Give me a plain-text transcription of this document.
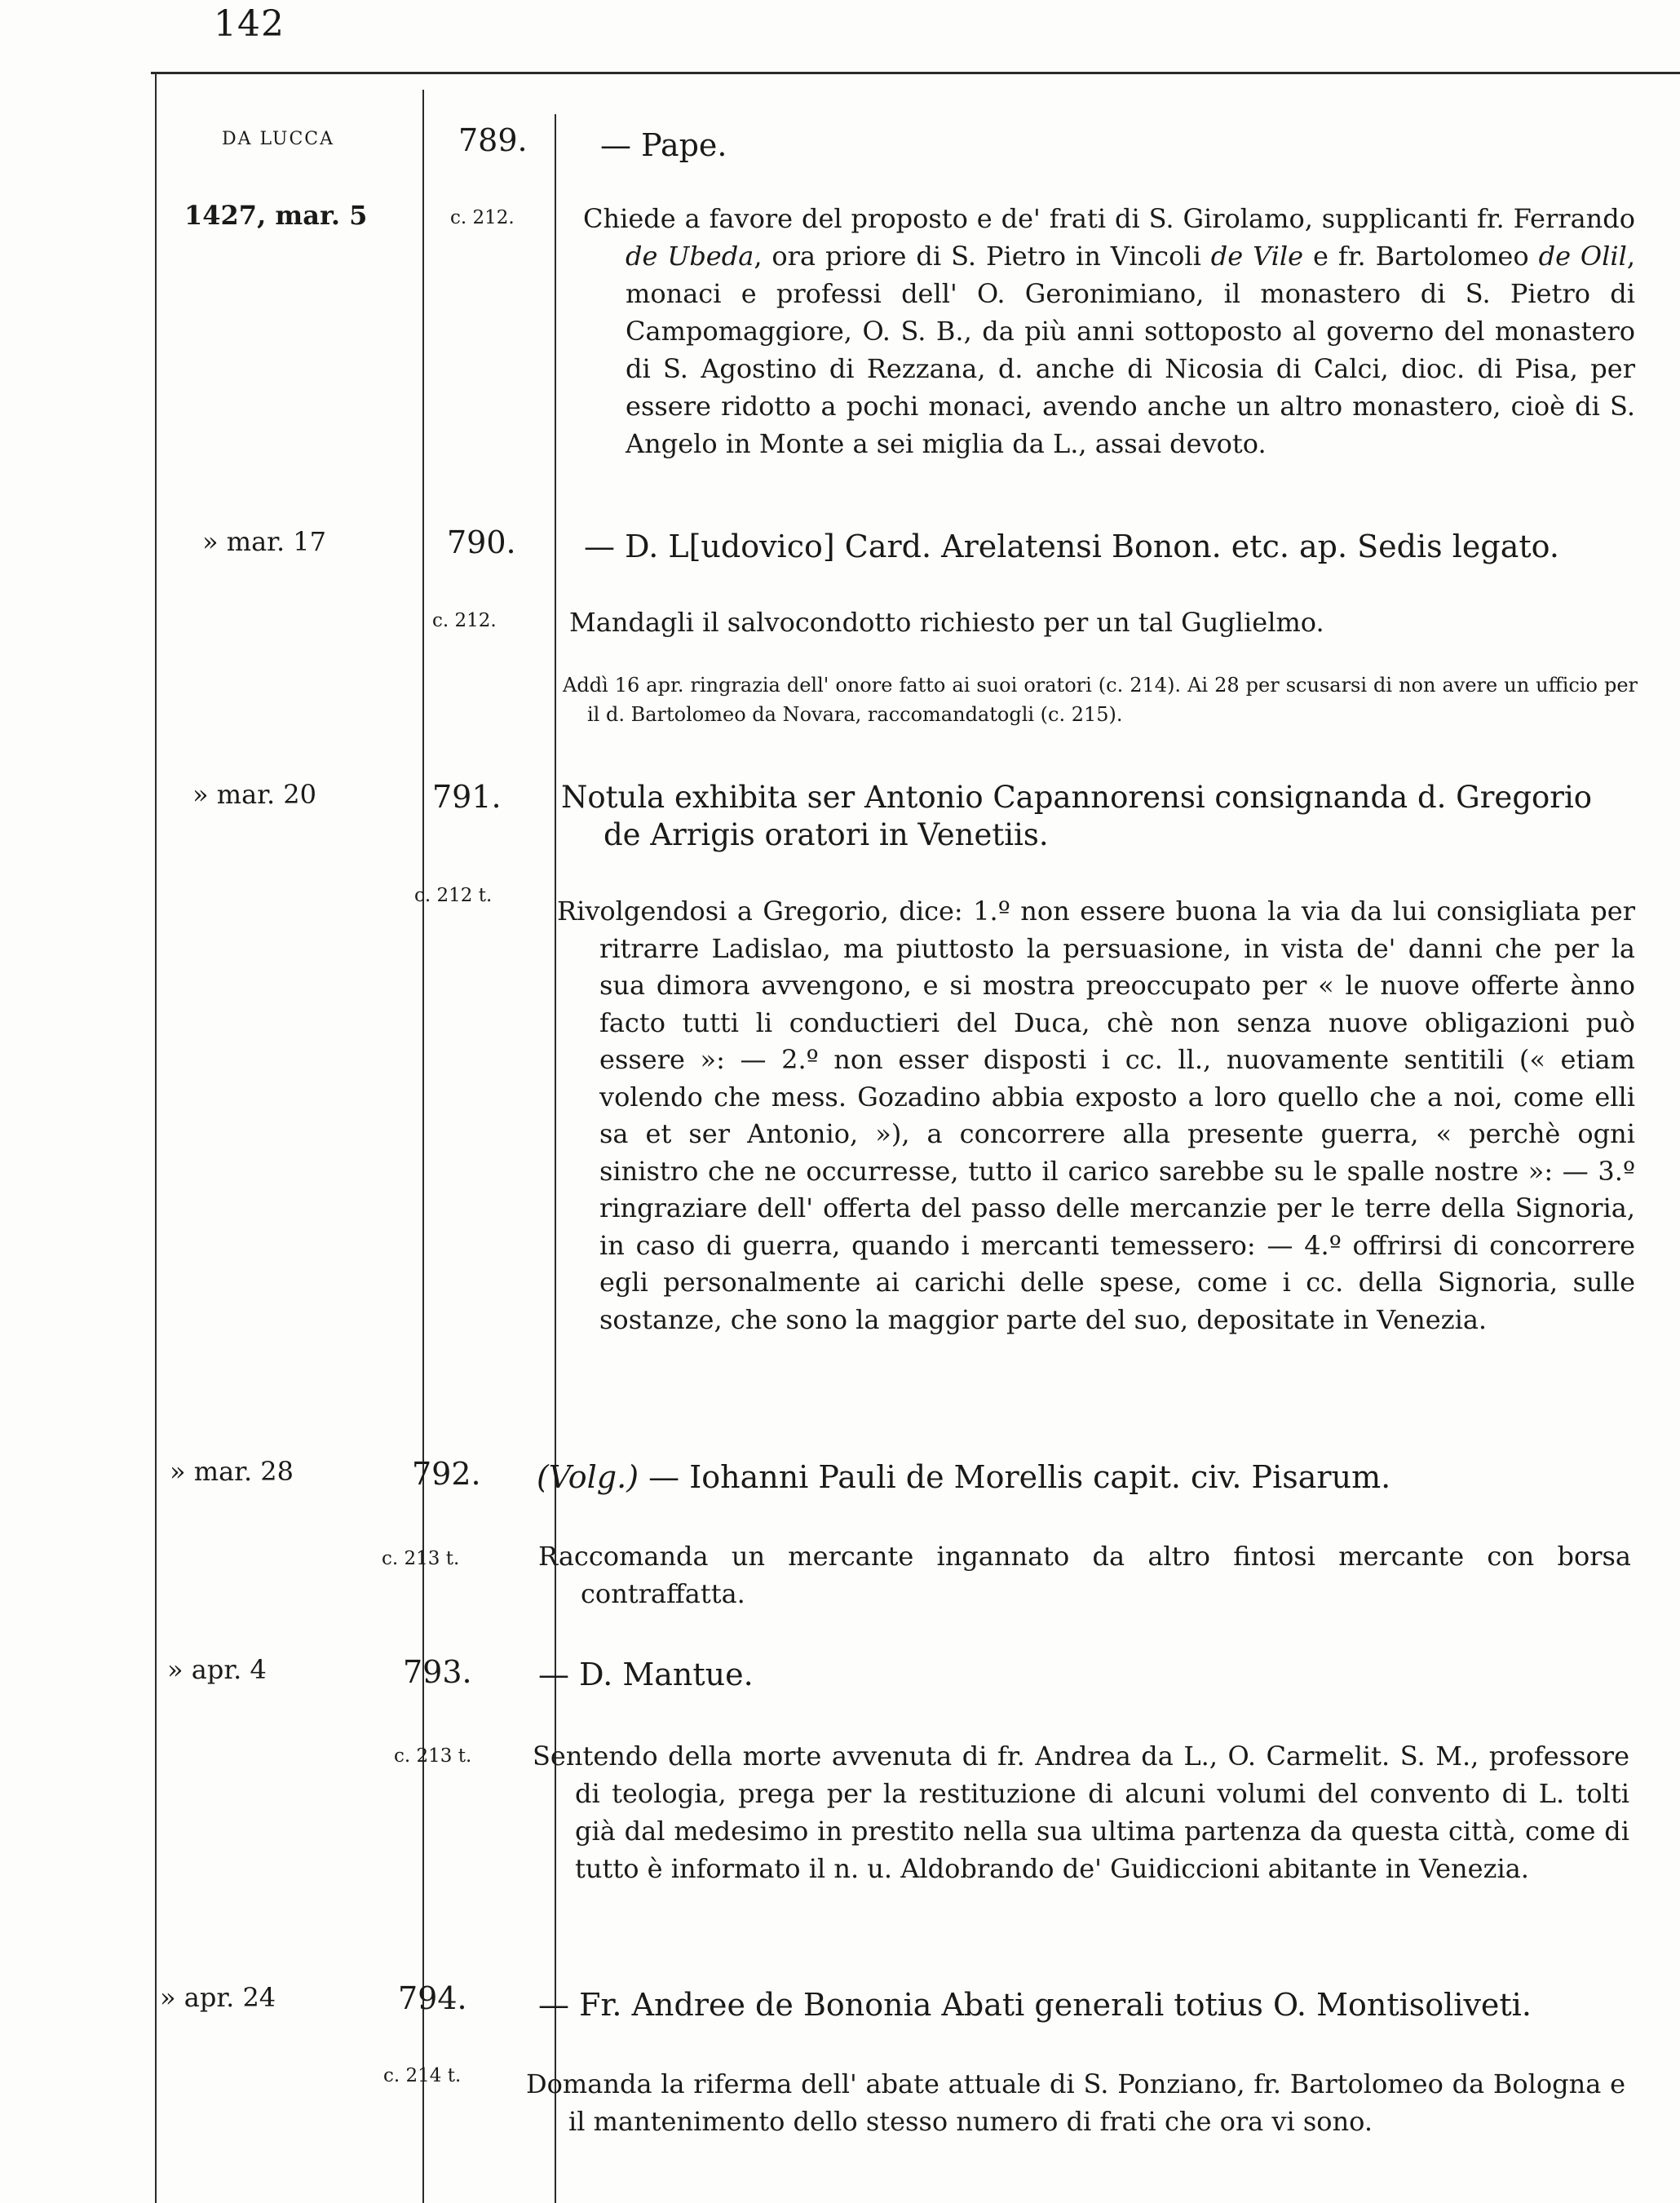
142
DA LUCCA	789. — Pape.
1427, mar. 5	c. 212.	Chiede a favore del proposto e de' frati di S. Girolamo, supplicanti fr. Ferrando de Ubeda, ora priore di S. Pietro in Vincoli de Vile e fr. Bartolomeo de Olil, monaci e professi dell' O. Geronimiano, il monastero di S. Pietro di Campomaggiore, O. S. B., da più anni sottoposto al governo del monastero di S. Agostino di Rezzana, d. anche di Nicosia di Calci, dioc. di Pisa, per essere ridotto a pochi monaci, avendo anche un altro monastero, cioè di S. Angelo in Monte a sei miglia da L., assai devoto.
» mar. 17	790. — D. L[udovico] Card. Arelatensi Bonon. etc. ap. Sedis legato.
c. 212.	Mandagli il salvocondotto richiesto per un tal Guglielmo.
Addì 16 apr. ringrazia dell' onore fatto ai suoi oratori (c. 214). Ai 28 per scusarsi di non avere un ufficio per il d. Bartolomeo da Novara, raccomandatogli (c. 215).
» mar. 20	791. Notula exhibita ser Antonio Capannorensi consignanda d. Gregorio de Arrigis oratori in Venetiis.
c. 212 t. Rivolgendosi a Gregorio, dice: 1.º non essere buona la via da lui consigliata per ritrarre Ladislao, ma piuttosto la persuasione, in vista de' danni che per la sua dimora avvengono, e si mostra preoccupato per « le nuove offerte ànno facto tutti li conductieri del Duca, chè non senza nuove obligazioni può essere »: — 2.º non esser disposti i cc. ll., nuovamente sentitili (« etiam volendo che mess. Gozadino abbia exposto a loro quello che a noi, come elli sa et ser Antonio, »), a concorrere alla presente guerra, « perchè ogni sinistro che ne occurresse, tutto il carico sarebbe su le spalle nostre »: — 3.º ringraziare dell' offerta del passo delle mercanzie per le terre della Signoria, in caso di guerra, quando i mercanti temessero: — 4.º offrirsi di concorrere egli personalmente ai carichi delle spese, come i cc. della Signoria, sulle sostanze, che sono la maggior parte del suo, depositate in Venezia.
» mar. 28	792. (Volg.) — Iohanni Pauli de Morellis capit. civ. Pisarum.
c. 213 t.	Raccomanda un mercante ingannato da altro fintosi mercante con borsa contraffatta.
» apr. 4	793. — D. Mantue.
c. 213 t. Sentendo della morte avvenuta di fr. Andrea da L., O. Carmelit. S. M., professore di teologia, prega per la restituzione di alcuni volumi del convento di L. tolti già dal medesimo in prestito nella sua ultima partenza da questa città, come di tutto è informato il n. u. Aldobrando de' Guidiccioni abitante in Venezia.
» apr. 24	794. — Fr. Andree de Bononia Abati generali totius O. Montisoliveti.
c. 214 t. Domanda la riferma dell' abate attuale di S. Ponziano, fr. Bartolomeo da Bologna e il mantenimento dello stesso numero di frati che ora vi sono.
